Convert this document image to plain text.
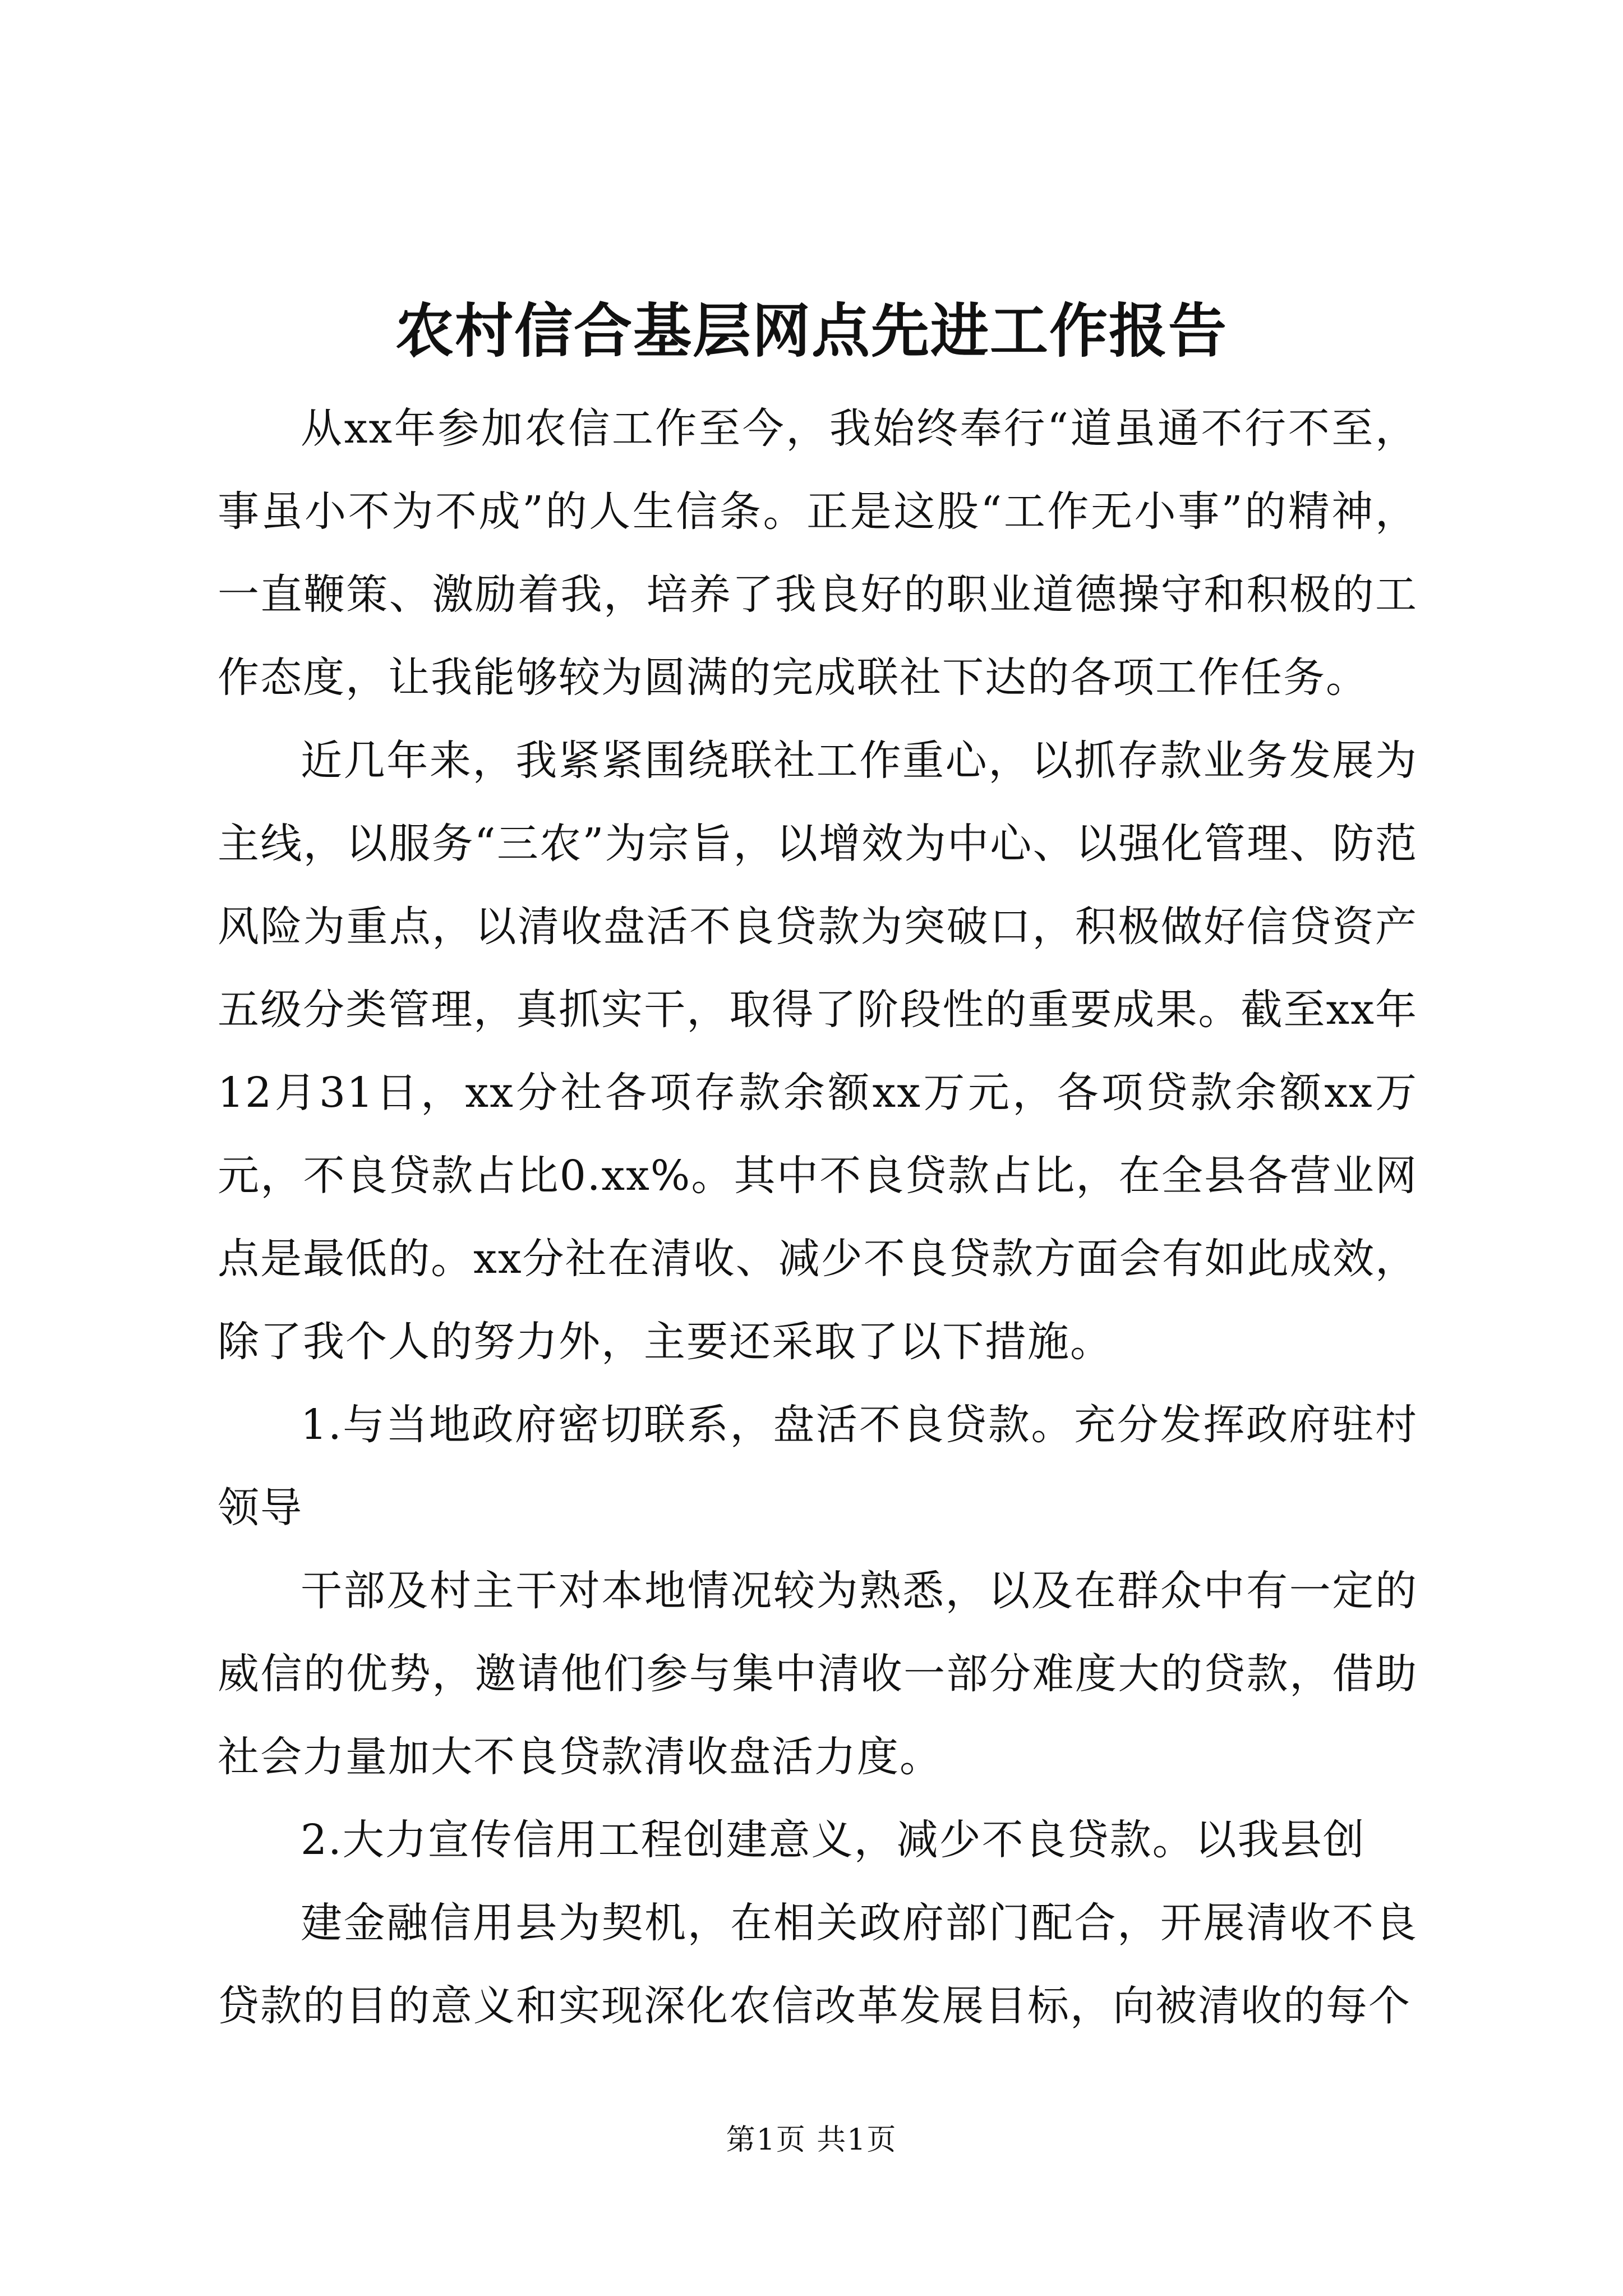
农村信合基层网点先进工作报告

从xx年参加农信工作至今，我始终奉行“道虽通不行不至，事虽小不为不成”的人生信条。正是这股“工作无小事”的精神，一直鞭策、激励着我，培养了我良好的职业道德操守和积极的工作态度，让我能够较为圆满的完成联社下达的各项工作任务。

近几年来，我紧紧围绕联社工作重心，以抓存款业务发展为主线，以服务“三农”为宗旨，以增效为中心、以强化管理、防范风险为重点，以清收盘活不良贷款为突破口，积极做好信贷资产五级分类管理，真抓实干，取得了阶段性的重要成果。截至xx年12月31日，xx分社各项存款余额xx万元，各项贷款余额xx万元，不良贷款占比0.xx%。其中不良贷款占比，在全县各营业网点是最低的。xx分社在清收、减少不良贷款方面会有如此成效，除了我个人的努力外，主要还采取了以下措施。

1.与当地政府密切联系，盘活不良贷款。充分发挥政府驻村领导

干部及村主干对本地情况较为熟悉，以及在群众中有一定的威信的优势，邀请他们参与集中清收一部分难度大的贷款，借助社会力量加大不良贷款清收盘活力度。

2.大力宣传信用工程创建意义，减少不良贷款。以我县创

建金融信用县为契机，在相关政府部门配合，开展清收不良贷款的目的意义和实现深化农信改革发展目标，向被清收的每个

第1页 共1页
